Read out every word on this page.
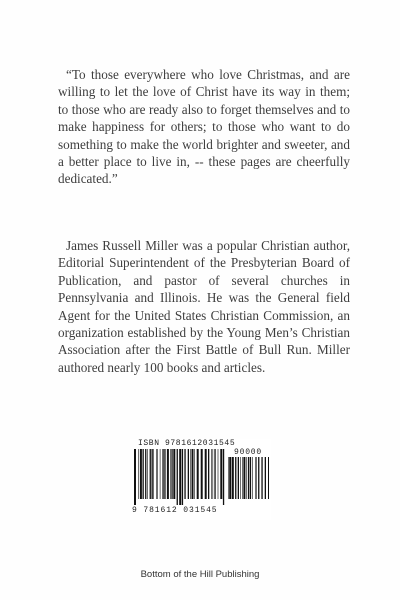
“To those everywhere who love Christmas, and are willing to let the love of Christ have its way in them; to those who are ready also to forget themselves and to make happiness for others; to those who want to do something to make the world brighter and sweeter, and a better place to live in, -- these pages are cheerfully dedicated.”

James Russell Miller was a popular Christian author, Editorial Superintendent of the Presbyterian Board of Publication, and pastor of several churches in Pennsylvania and Illinois. He was the General field Agent for the United States Christian Commission, an organization established by the Young Men’s Christian Association after the First Battle of Bull Run. Miller authored nearly 100 books and articles.

ISBN 9781612031545
90000
9 781612 031545
Bottom of the Hill Publishing
